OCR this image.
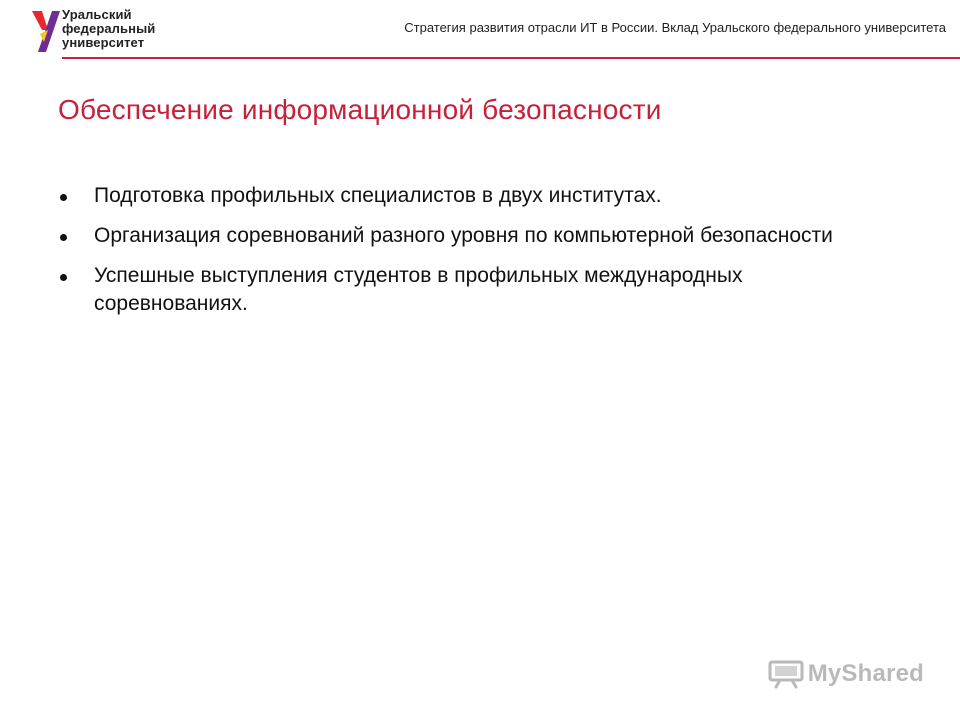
Уральский
федеральный
университет
Стратегия развития отрасли ИТ в России. Вклад Уральского федерального университета
Обеспечение информационной безопасности
Подготовка профильных специалистов в двух институтах.
Организация соревнований разного уровня по компьютерной безопасности
Успешные выступления студентов в профильных международных соревнованиях.
MyShared
